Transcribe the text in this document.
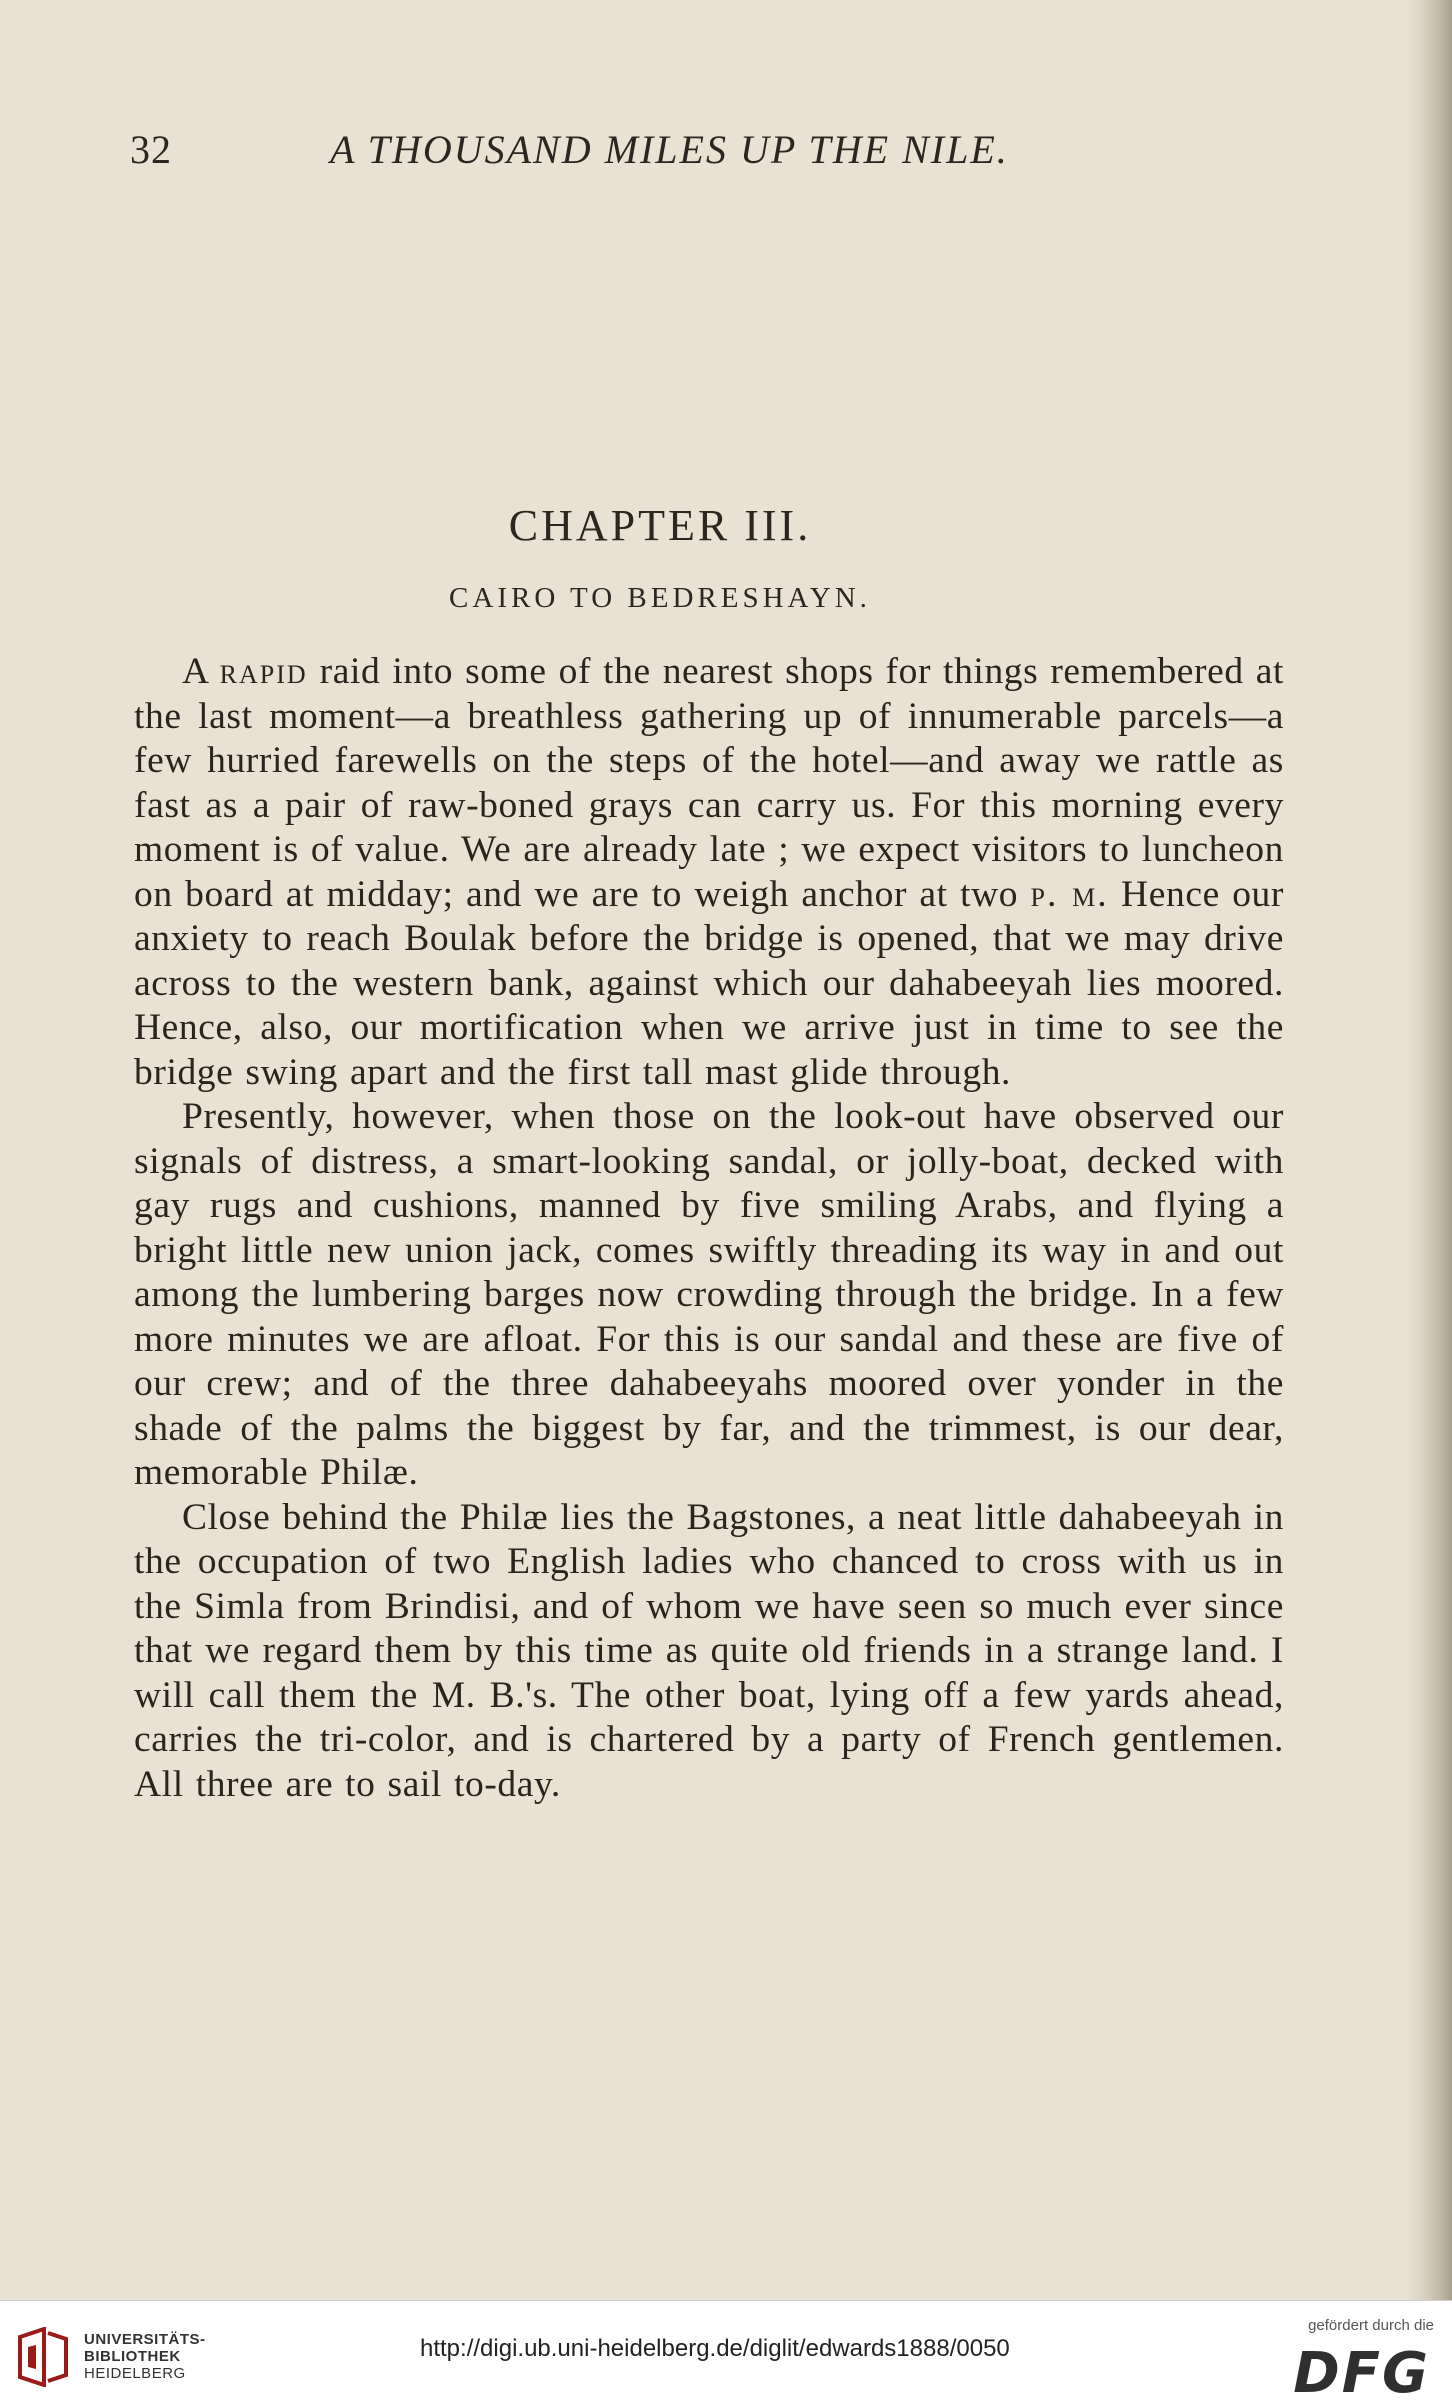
32	A THOUSAND MILES UP THE NILE.
CHAPTER III.
CAIRO TO BEDRESHAYN.

A rapid raid into some of the nearest shops for things remembered at the last moment—a breathless gathering up of innumerable parcels—a few hurried farewells on the steps of the hotel—and away we rattle as fast as a pair of raw-boned grays can carry us. For this morning every moment is of value. We are already late ; we expect visitors to luncheon on board at midday; and we are to weigh anchor at two p. m. Hence our anxiety to reach Boulak before the bridge is opened, that we may drive across to the western bank, against which our dahabeeyah lies moored. Hence, also, our mortification when we arrive just in time to see the bridge swing apart and the first tall mast glide through.

Presently, however, when those on the look-out have observed our signals of distress, a smart-looking sandal, or jolly-boat, decked with gay rugs and cushions, manned by five smiling Arabs, and flying a bright little new union jack, comes swiftly threading its way in and out among the lumbering barges now crowding through the bridge. In a few more minutes we are afloat. For this is our sandal and these are five of our crew; and of the three dahabeeyahs moored over yonder in the shade of the palms the biggest by far, and the trimmest, is our dear, memorable Philæ.

Close behind the Philæ lies the Bagstones, a neat little dahabeeyah in the occupation of two English ladies who chanced to cross with us in the Simla from Brindisi, and of whom we have seen so much ever since that we regard them by this time as quite old friends in a strange land. I will call them the M. B.'s. The other boat, lying off a few yards ahead, carries the tri-color, and is chartered by a party of French gentlemen. All three are to sail to-day.

UNIVERSITÄTS-
BIBLIOTHEK
HEIDELBERG
http://digi.ub.uni-heidelberg.de/diglit/edwards1888/0050
gefördert durch die
DFG
